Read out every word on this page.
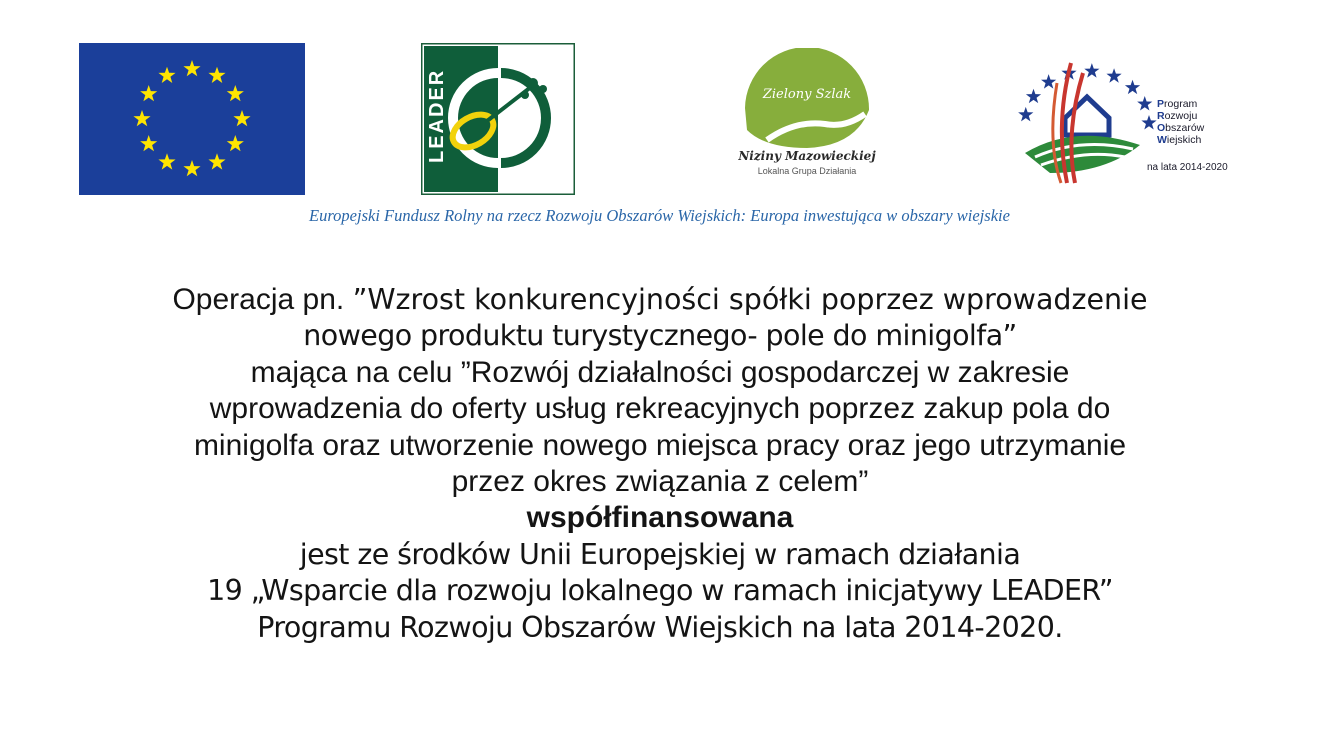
LEADER	Zielony Szlak
Niziny Mazowieckiej
Lokalna Grupa Działania
Program
Rozwoju
Obszarów
Wiejskich
na lata 2014-2020
Europejski Fundusz Rolny na rzecz Rozwoju Obszarów Wiejskich: Europa inwestująca w obszary wiejskie
Operacja pn. ”Wzrost konkurencyjności spółki poprzez wprowadzenie
nowego produktu turystycznego- pole do minigolfa”
mająca na celu ”Rozwój działalności gospodarczej w zakresie
wprowadzenia do oferty usług rekreacyjnych poprzez zakup pola do
minigolfa oraz utworzenie nowego miejsca pracy oraz jego utrzymanie
przez okres związania z celem”
współfinansowana
jest ze środków Unii Europejskiej w ramach działania
19 „Wsparcie dla rozwoju lokalnego w ramach inicjatywy LEADER”
Programu Rozwoju Obszarów Wiejskich na lata 2014-2020.
